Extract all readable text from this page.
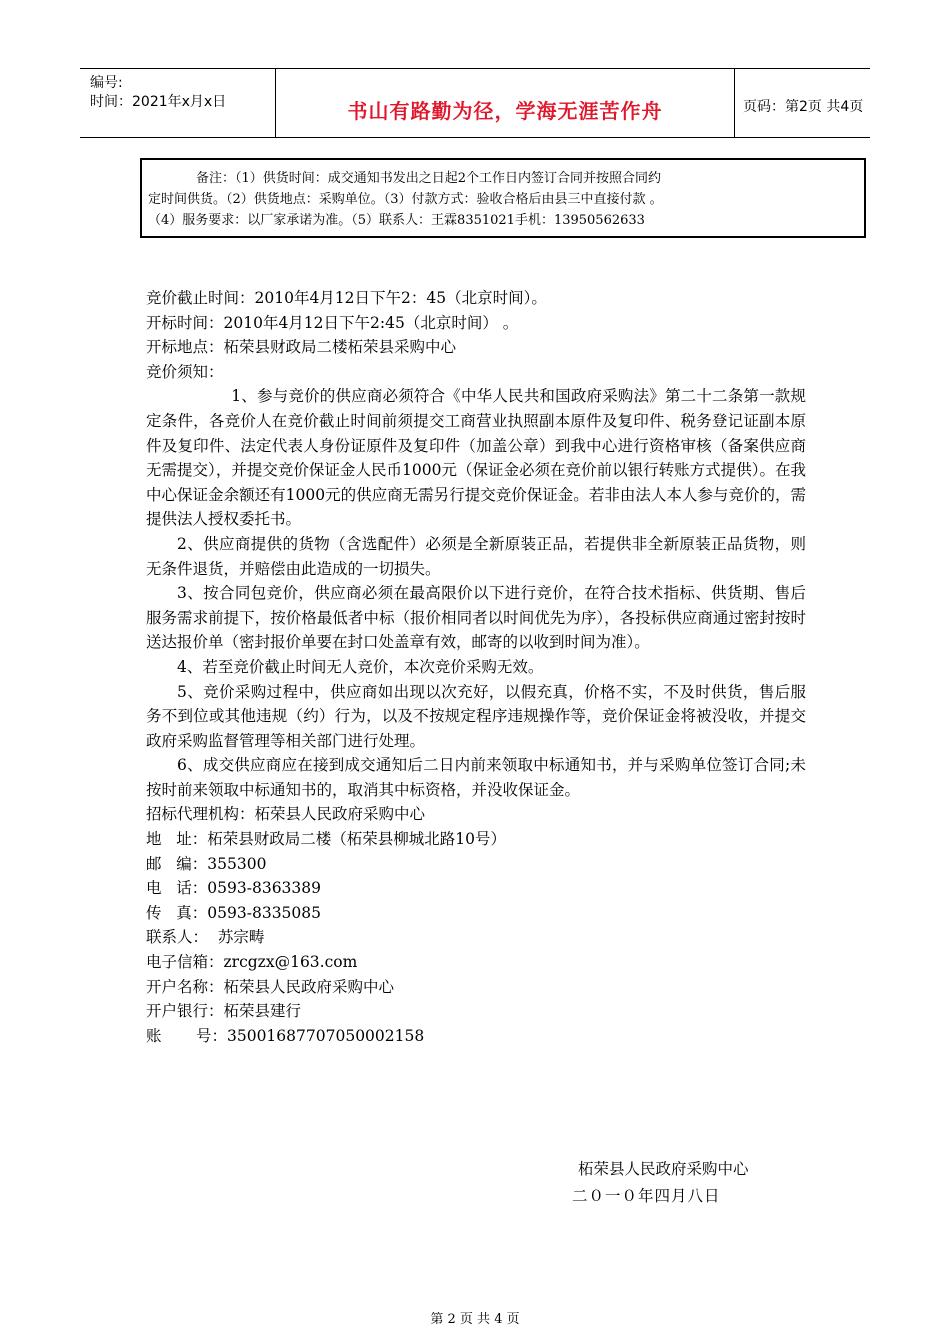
编号:
时间：2021年x月x日	书山有路勤为径，学海无涯苦作舟	页码：第2页 共4页
备注：（1）供货时间：成交通知书发出之日起2个工作日内签订合同并按照合同约
定时间供货。（2）供货地点：采购单位。（3）付款方式：验收合格后由县三中直接付款 。
（4）服务要求：以厂家承诺为准。（5）联系人：王霖8351021手机：13950562633
竞价截止时间：2010年4月12日下午2：45（北京时间）。
开标时间：2010年4月12日下午2:45（北京时间） 。
开标地点：柘荣县财政局二楼柘荣县采购中心
竞价须知：
1、参与竞价的供应商必须符合《中华人民共和国政府采购法》第二十二条第一款规定条件，各竞价人在竞价截止时间前须提交工商营业执照副本原件及复印件、税务登记证副本原件及复印件、法定代表人身份证原件及复印件（加盖公章）到我中心进行资格审核（备案供应商无需提交），并提交竞价保证金人民币1000元（保证金必须在竞价前以银行转账方式提供）。在我中心保证金余额还有1000元的供应商无需另行提交竞价保证金。若非由法人本人参与竞价的，需提供法人授权委托书。
2、供应商提供的货物（含选配件）必须是全新原装正品，若提供非全新原装正品货物，则无条件退货，并赔偿由此造成的一切损失。
3、按合同包竞价，供应商必须在最高限价以下进行竞价，在符合技术指标、供货期、售后服务需求前提下，按价格最低者中标（报价相同者以时间优先为序），各投标供应商通过密封按时送达报价单（密封报价单要在封口处盖章有效，邮寄的以收到时间为准）。
4、若至竞价截止时间无人竞价，本次竞价采购无效。
5、竞价采购过程中，供应商如出现以次充好，以假充真，价格不实，不及时供货，售后服务不到位或其他违规（约）行为，以及不按规定程序违规操作等，竞价保证金将被没收，并提交政府采购监督管理等相关部门进行处理。
6、成交供应商应在接到成交通知后二日内前来领取中标通知书，并与采购单位签订合同;未按时前来领取中标通知书的，取消其中标资格，并没收保证金。
招标代理机构：柘荣县人民政府采购中心
地   址：柘荣县财政局二楼（柘荣县柳城北路10号）
邮   编：355300
电   话：0593-8363389
传   真：0593-8335085
联系人：  苏宗畴
电子信箱：zrcgzx@163.com
开户名称：柘荣县人民政府采购中心
开户银行：柘荣县建行
账       号：35001687707050002158
柘荣县人民政府采购中心
二０一０年四月八日
第 2 页 共 4 页
